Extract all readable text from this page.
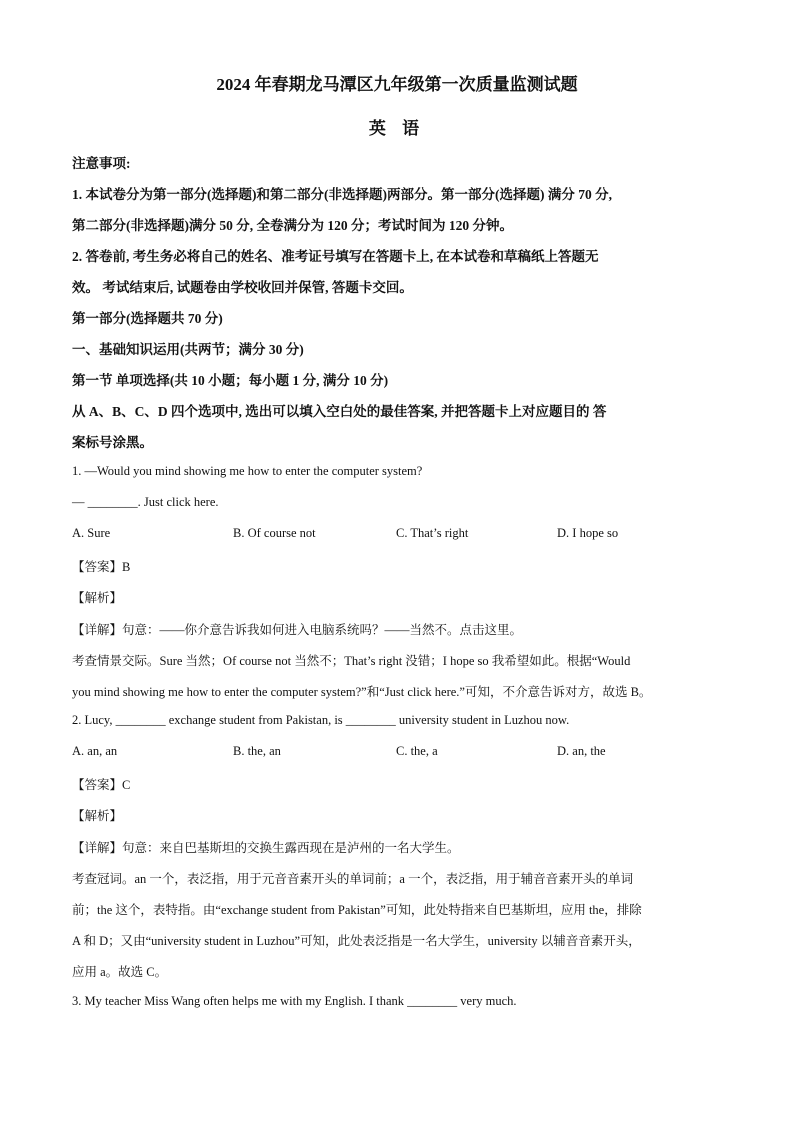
2024 年春期龙马潭区九年级第一次质量监测试题
英 语
注意事项:
1. 本试卷分为第一部分(选择题)和第二部分(非选择题)两部分。第一部分(选择题) 满分 70 分,
第二部分(非选择题)满分 50 分, 全卷满分为 120 分；考试时间为 120 分钟。
2. 答卷前, 考生务必将自己的姓名、准考证号填写在答题卡上, 在本试卷和草稿纸上答题无
效。 考试结束后, 试题卷由学校收回并保管, 答题卡交回。
第一部分(选择题共 70 分)
一、基础知识运用(共两节；满分 30 分)
第一节 单项选择(共 10 小题；每小题 1 分, 满分 10 分)
从 A、B、C、D 四个选项中, 选出可以填入空白处的最佳答案, 并把答题卡上对应题目的 答
案标号涂黑。
1. —Would you mind showing me how to enter the computer system?
— ________. Just click here.
A. Sure	B. Of course not	C. That’s right	D. I hope so
【答案】B
【解析】
【详解】句意：——你介意告诉我如何进入电脑系统吗？——当然不。点击这里。
考查情景交际。Sure 当然；Of course not 当然不；That’s right 没错；I hope so 我希望如此。根据“Would
you mind showing me how to enter the computer system?”和“Just click here.”可知，不介意告诉对方，故选 B。
2. Lucy, ________ exchange student from Pakistan, is ________ university student in Luzhou now.
A. an, an	B. the, an	C. the, a	D. an, the
【答案】C
【解析】
【详解】句意：来自巴基斯坦的交换生露西现在是泸州的一名大学生。
考查冠词。an 一个，表泛指，用于元音音素开头的单词前；a 一个，表泛指，用于辅音音素开头的单词
前；the 这个，表特指。由“exchange student from Pakistan”可知，此处特指来自巴基斯坦，应用 the，排除
A 和 D；又由“university student in Luzhou”可知，此处表泛指是一名大学生，university 以辅音音素开头，
应用 a。故选 C。
3. My teacher Miss Wang often helps me with my English. I thank ________ very much.
